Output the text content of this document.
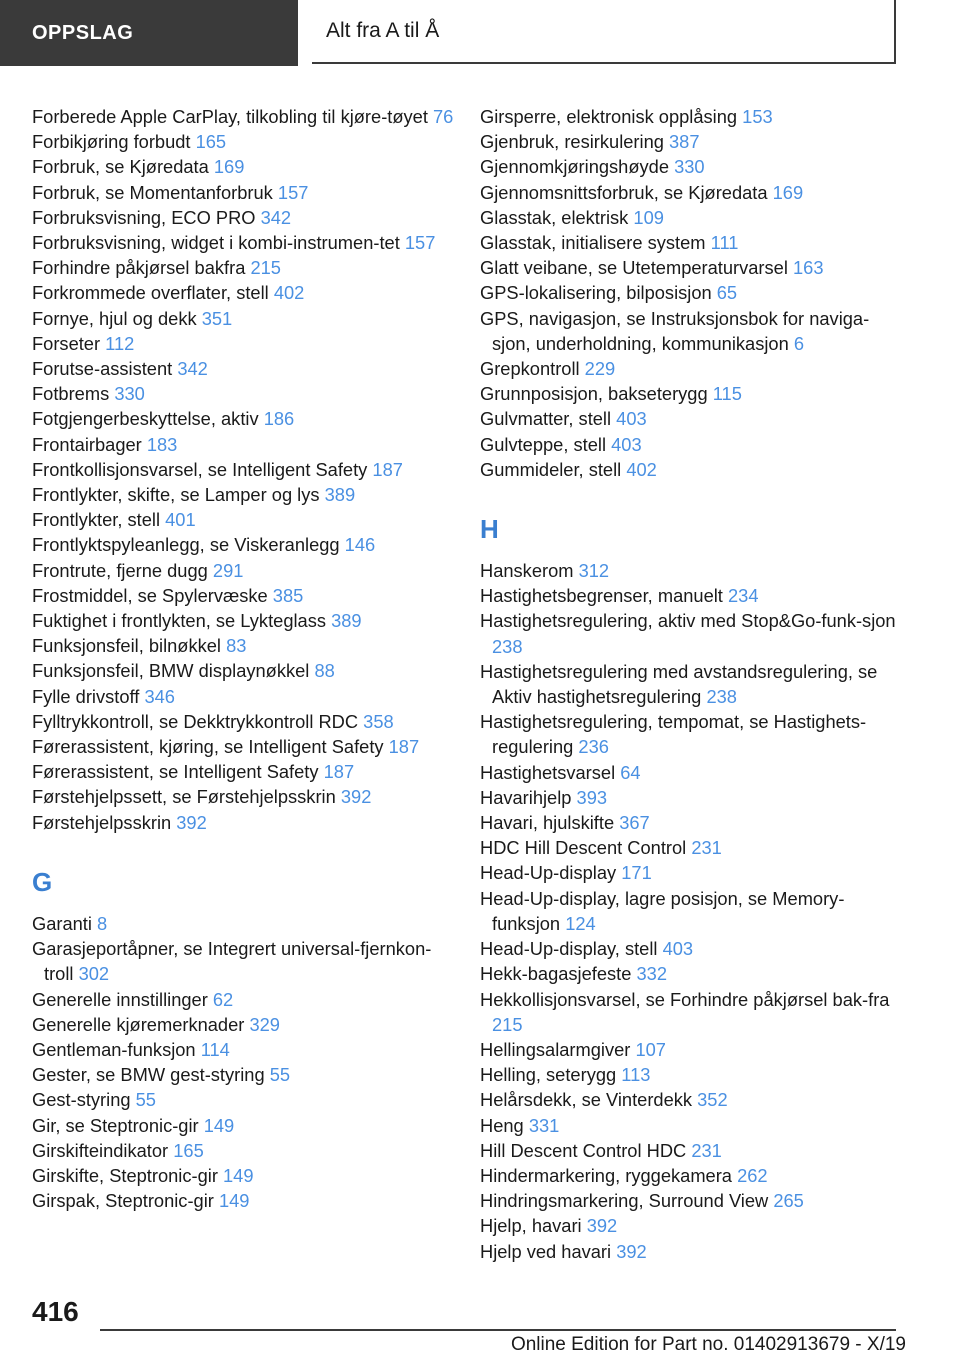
OPPSLAG	Alt fra A til Å
Forberede Apple CarPlay, tilkobling til kjøre-tøyet 76
Forbikjøring forbudt 165
Forbruk, se Kjøredata 169
Forbruk, se Momentanforbruk 157
Forbruksvisning, ECO PRO 342
Forbruksvisning, widget i kombi-instrumen-tet 157
Forhindre påkjørsel bakfra 215
Forkrommede overflater, stell 402
Fornye, hjul og dekk 351
Forseter 112
Forutse-assistent 342
Fotbrems 330
Fotgjengerbeskyttelse, aktiv 186
Frontairbager 183
Frontkollisjonsvarsel, se Intelligent Safety 187
Frontlykter, skifte, se Lamper og lys 389
Frontlykter, stell 401
Frontlyktspyleanlegg, se Viskeranlegg 146
Frontrute, fjerne dugg 291
Frostmiddel, se Spylervæske 385
Fuktighet i frontlykten, se Lykteglass 389
Funksjonsfeil, bilnøkkel 83
Funksjonsfeil, BMW displaynøkkel 88
Fylle drivstoff 346
Fylltrykkontroll, se Dekktrykkontroll RDC 358
Førerassistent, kjøring, se Intelligent Safety 187
Førerassistent, se Intelligent Safety 187
Førstehjelpssett, se Førstehjelpsskrin 392
Førstehjelpsskrin 392
G
Garanti 8
Garasjeportåpner, se Integrert universal-fjernkon-troll 302
Generelle innstillinger 62
Generelle kjøremerknader 329
Gentleman-funksjon 114
Gester, se BMW gest-styring 55
Gest-styring 55
Gir, se Steptronic-gir 149
Girskifteindikator 165
Girskifte, Steptronic-gir 149
Girspak, Steptronic-gir 149
Girsperre, elektronisk opplåsing 153
Gjenbruk, resirkulering 387
Gjennomkjøringshøyde 330
Gjennomsnittsforbruk, se Kjøredata 169
Glasstak, elektrisk 109
Glasstak, initialisere system 111
Glatt veibane, se Utetemperaturvarsel 163
GPS-lokalisering, bilposisjon 65
GPS, navigasjon, se Instruksjonsbok for naviga-sjon, underholdning, kommunikasjon 6
Grepkontroll 229
Grunnposisjon, bakseterygg 115
Gulvmatter, stell 403
Gulvteppe, stell 403
Gummideler, stell 402
H
Hanskerom 312
Hastighetsbegrenser, manuelt 234
Hastighetsregulering, aktiv med Stop&Go-funk-sjon 238
Hastighetsregulering med avstandsregulering, se Aktiv hastighetsregulering 238
Hastighetsregulering, tempomat, se Hastighets-regulering 236
Hastighetsvarsel 64
Havarihjelp 393
Havari, hjulskifte 367
HDC Hill Descent Control 231
Head-Up-display 171
Head-Up-display, lagre posisjon, se Memory-funksjon 124
Head-Up-display, stell 403
Hekk-bagasjefeste 332
Hekkollisjonsvarsel, se Forhindre påkjørsel bak-fra 215
Hellingsalarmgiver 107
Helling, seterygg 113
Helårsdekk, se Vinterdekk 352
Heng 331
Hill Descent Control HDC 231
Hindermarkering, ryggekamera 262
Hindringsmarkering, Surround View 265
Hjelp, havari 392
Hjelp ved havari 392
416
Online Edition for Part no. 01402913679 - X/19
